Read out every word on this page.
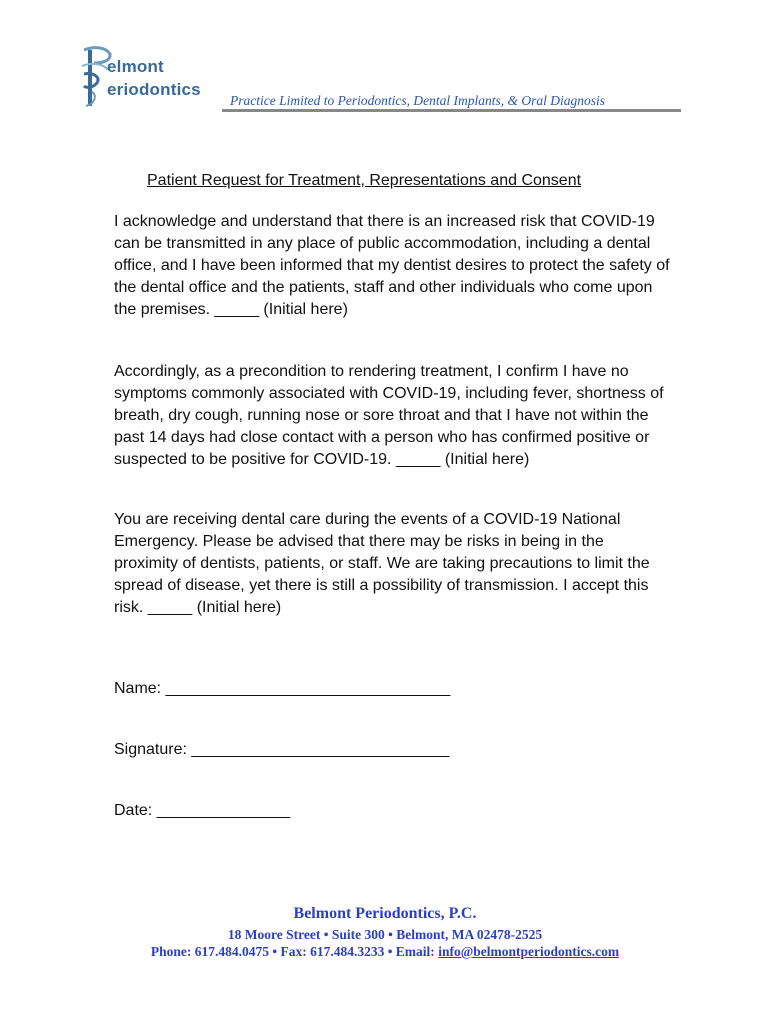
elmont
eriodontics
Practice Limited to Periodontics, Dental Implants, & Oral Diagnosis
Patient Request for Treatment, Representations and Consent

I acknowledge and understand that there is an increased risk that COVID-19 can be transmitted in any place of public accommodation, including a dental office, and I have been informed that my dentist desires to protect the safety of the dental office and the patients, staff and other individuals who come upon the premises. _____ (Initial here)

Accordingly, as a precondition to rendering treatment, I confirm I have no symptoms commonly associated with COVID-19, including fever, shortness of breath, dry cough, running nose or sore throat and that I have not within the past 14 days had close contact with a person who has confirmed positive or suspected to be positive for COVID-19. _____ (Initial here)

You are receiving dental care during the events of a COVID-19 National Emergency. Please be advised that there may be risks in being in the proximity of dentists, patients, or staff. We are taking precautions to limit the spread of disease, yet there is still a possibility of transmission. I accept this risk. _____ (Initial here)

Name: ________________________________
Signature: _____________________________
Date: _______________
Belmont Periodontics, P.C.
18 Moore Street • Suite 300 • Belmont, MA 02478-2525
Phone: 617.484.0475 • Fax: 617.484.3233 • Email: info@belmontperiodontics.com
